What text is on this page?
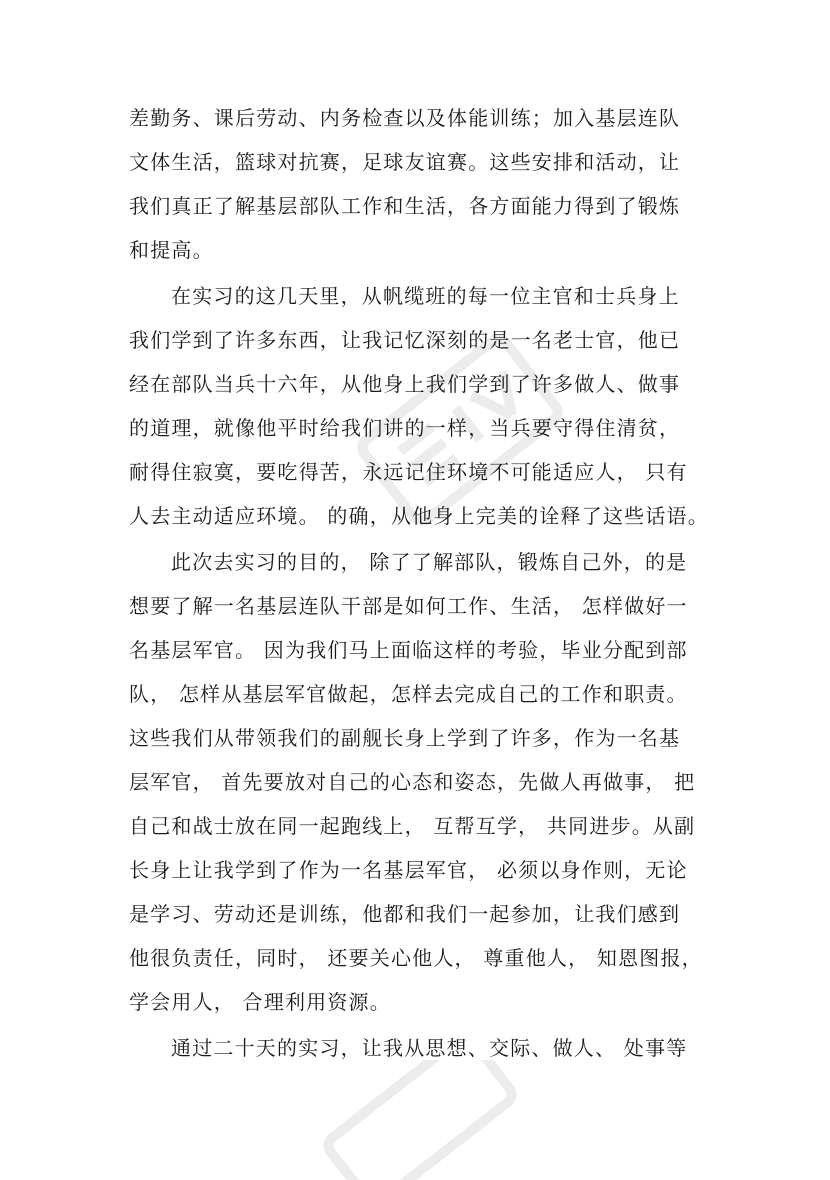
差勤务、课后劳动、内务检查以及体能训练；加入基层连队
文体生活，篮球对抗赛，足球友谊赛。这些安排和活动，让
我们真正了解基层部队工作和生活，各方面能力得到了锻炼
和提高。
在实习的这几天里，从帆缆班的每一位主官和士兵身上
我们学到了许多东西，让我记忆深刻的是一名老士官，他已
经在部队当兵十六年，从他身上我们学到了许多做人、做事
的道理，就像他平时给我们讲的一样，当兵要守得住清贫，
耐得住寂寞，要吃得苦，永远记住环境不可能适应人， 只有
人去主动适应环境。 的确，从他身上完美的诠释了这些话语。
此次去实习的目的， 除了了解部队，锻炼自己外，的是
想要了解一名基层连队干部是如何工作、生活， 怎样做好一
名基层军官。 因为我们马上面临这样的考验，毕业分配到部
队， 怎样从基层军官做起，怎样去完成自己的工作和职责。
这些我们从带领我们的副舰长身上学到了许多，作为一名基
层军官， 首先要放对自己的心态和姿态，先做人再做事， 把
自己和战士放在同一起跑线上， 互帮互学， 共同进步。从副
长身上让我学到了作为一名基层军官， 必须以身作则，无论
是学习、劳动还是训练，他都和我们一起参加，让我们感到
他很负责任，同时， 还要关心他人， 尊重他人， 知恩图报，
学会用人， 合理利用资源。
通过二十天的实习，让我从思想、交际、做人、 处事等
